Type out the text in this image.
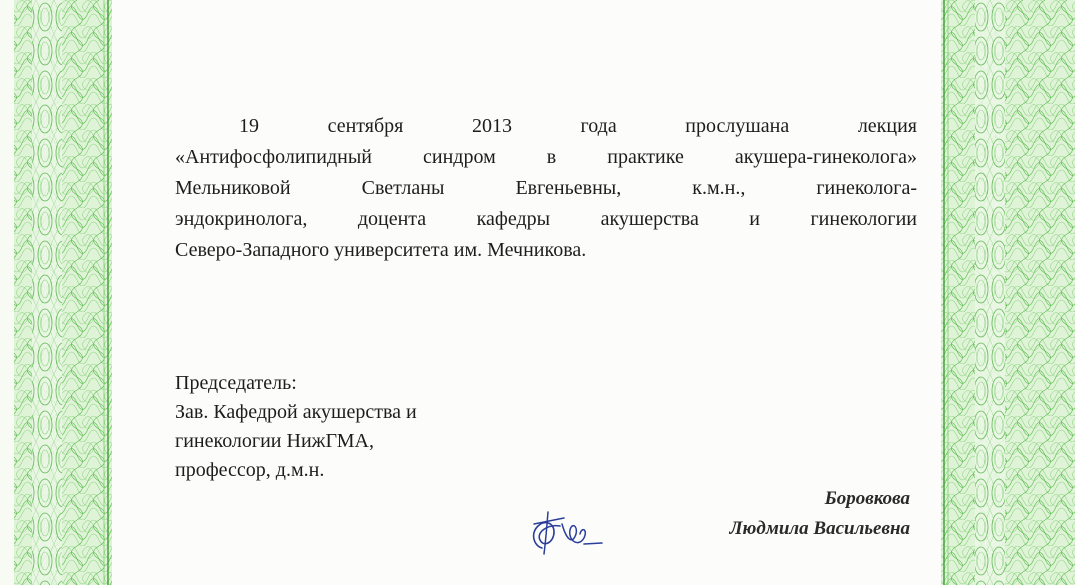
19 сентября 2013 года прослушана лекция
«Антифосфолипидный синдром в практике акушера-гинеколога»
Мельниковой Светланы Евгеньевны, к.м.н., гинеколога-
эндокринолога, доцента кафедры акушерства и гинекологии
Северо-Западного университета им. Мечникова.
Председатель:
Зав. Кафедрой акушерства и
гинекологии НижГМА,
профессор, д.м.н.
Боровкова
Людмила Васильевна
